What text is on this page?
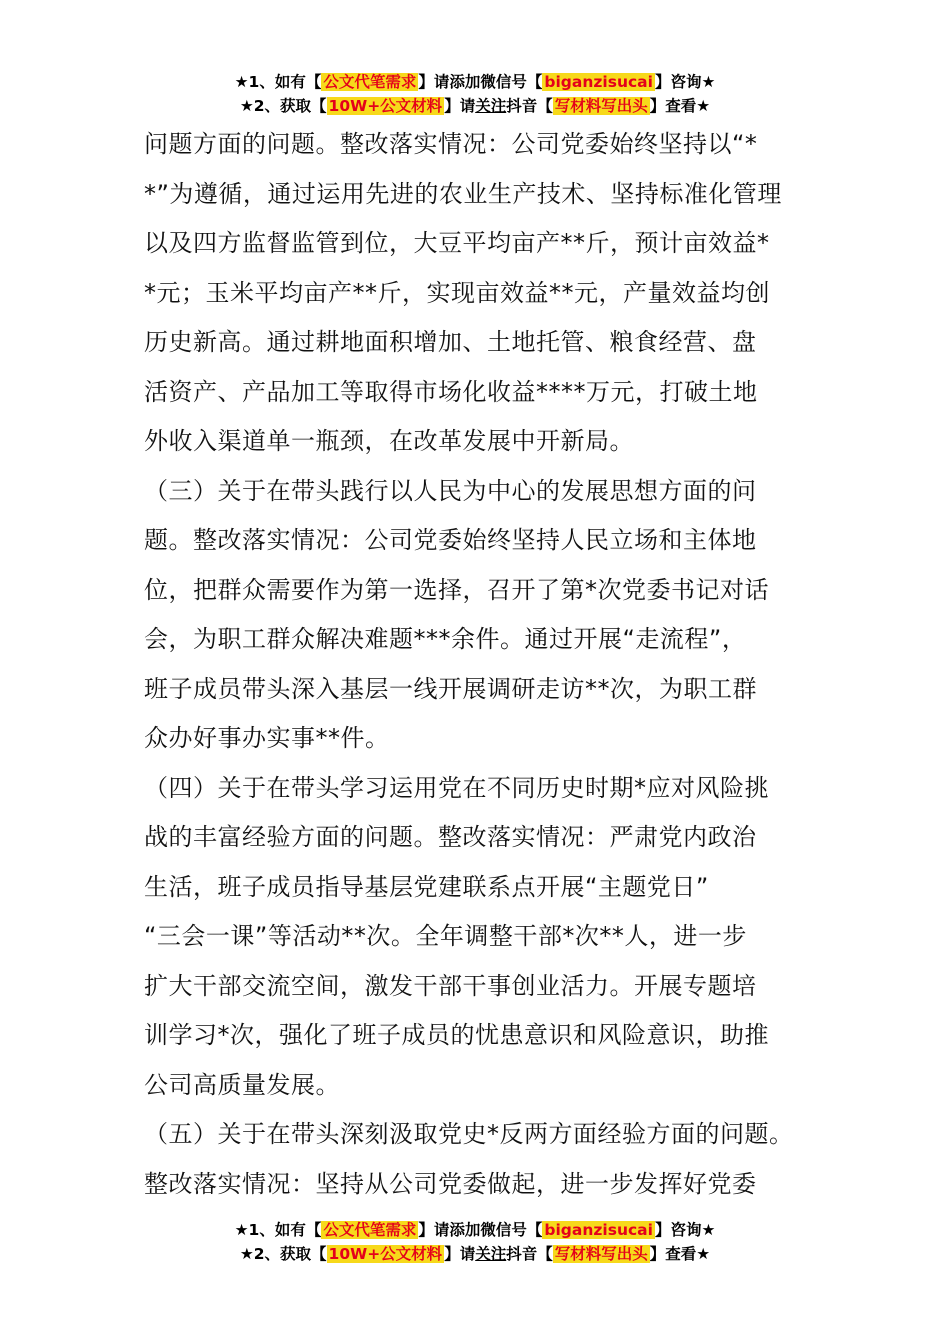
★1、如有【 公文代笔需求 】请添加微信号【 biganzisucai 】咨询★
★2、获取【 10W+公文材料 】请关注抖音【 写材料写出头 】查看★
问题方面的问题。整改落实情况：公司党委始终坚持以“*
*”为遵循，通过运用先进的农业生产技术、坚持标准化管理
以及四方监督监管到位，大豆平均亩产**斤，预计亩效益*
*元；玉米平均亩产**斤，实现亩效益**元，产量效益均创
历史新高。通过耕地面积增加、土地托管、粮食经营、盘
活资产、产品加工等取得市场化收益****万元，打破土地
外收入渠道单一瓶颈，在改革发展中开新局。
（三）关于在带头践行以人民为中心的发展思想方面的问
题。整改落实情况：公司党委始终坚持人民立场和主体地
位，把群众需要作为第一选择，召开了第*次党委书记对话
会，为职工群众解决难题***余件。通过开展“走流程”，
班子成员带头深入基层一线开展调研走访**次，为职工群
众办好事办实事**件。
（四）关于在带头学习运用党在不同历史时期*应对风险挑
战的丰富经验方面的问题。整改落实情况：严肃党内政治
生活，班子成员指导基层党建联系点开展“主题党日”
“三会一课”等活动**次。全年调整干部*次**人，进一步
扩大干部交流空间，激发干部干事创业活力。开展专题培
训学习*次，强化了班子成员的忧患意识和风险意识，助推
公司高质量发展。
（五）关于在带头深刻汲取党史*反两方面经验方面的问题。
整改落实情况：坚持从公司党委做起，进一步发挥好党委
★1、如有【 公文代笔需求 】请添加微信号【 biganzisucai 】咨询★
★2、获取【 10W+公文材料 】请关注抖音【 写材料写出头 】查看★
